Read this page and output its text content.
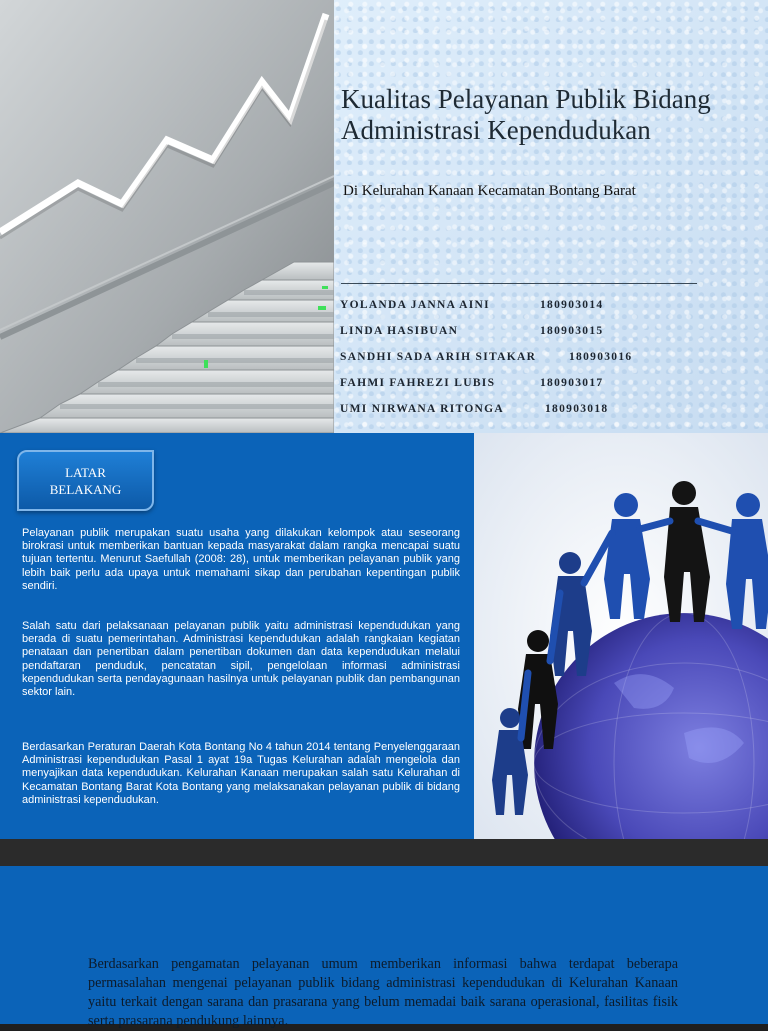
Kualitas Pelayanan Publik Bidang Administrasi Kependudukan
Di Kelurahan Kanaan Kecamatan Bontang Barat
YOLANDA JANNA AINI	180903014
LINDA HASIBUAN	180903015
SANDHI SADA ARIH SITAKAR	180903016
FAHMI FAHREZI LUBIS	180903017
UMI NIRWANA RITONGA	180903018
LATAR
BELAKANG

Pelayanan publik merupakan suatu usaha yang dilakukan kelompok atau seseorang birokrasi untuk memberikan bantuan kepada masyarakat dalam rangka mencapai suatu tujuan tertentu. Menurut Saefullah (2008: 28), untuk memberikan pelayanan publik yang lebih baik perlu ada upaya untuk memahami sikap dan perubahan kepentingan publik sendiri.

Salah satu dari pelaksanaan pelayanan publik yaitu administrasi kependudukan yang berada di suatu pemerintahan. Administrasi kependudukan adalah rangkaian kegiatan penataan dan penertiban dalam penertiban dokumen dan data kependudukan melalui pendaftaran penduduk, pencatatan sipil, pengelolaan informasi administrasi kependudukan serta pendayagunaan hasilnya untuk pelayanan publik dan pembangunan sektor lain.

Berdasarkan Peraturan Daerah Kota Bontang No 4 tahun 2014 tentang Penyelenggaraan Administrasi kependudukan Pasal 1 ayat 19a Tugas Kelurahan adalah mengelola dan menyajikan data kependudukan. Kelurahan Kanaan merupakan salah satu Kelurahan di Kecamatan Bontang Barat Kota Bontang yang melaksanakan pelayanan publik di bidang administrasi kependudukan.

Berdasarkan pengamatan pelayanan umum memberikan informasi bahwa terdapat beberapa permasalahan mengenai pelayanan publik bidang administrasi kependudukan di Kelurahan Kanaan yaitu terkait dengan sarana dan prasarana yang belum memadai baik sarana operasional, fasilitas fisik serta prasarana pendukung lainnya.
